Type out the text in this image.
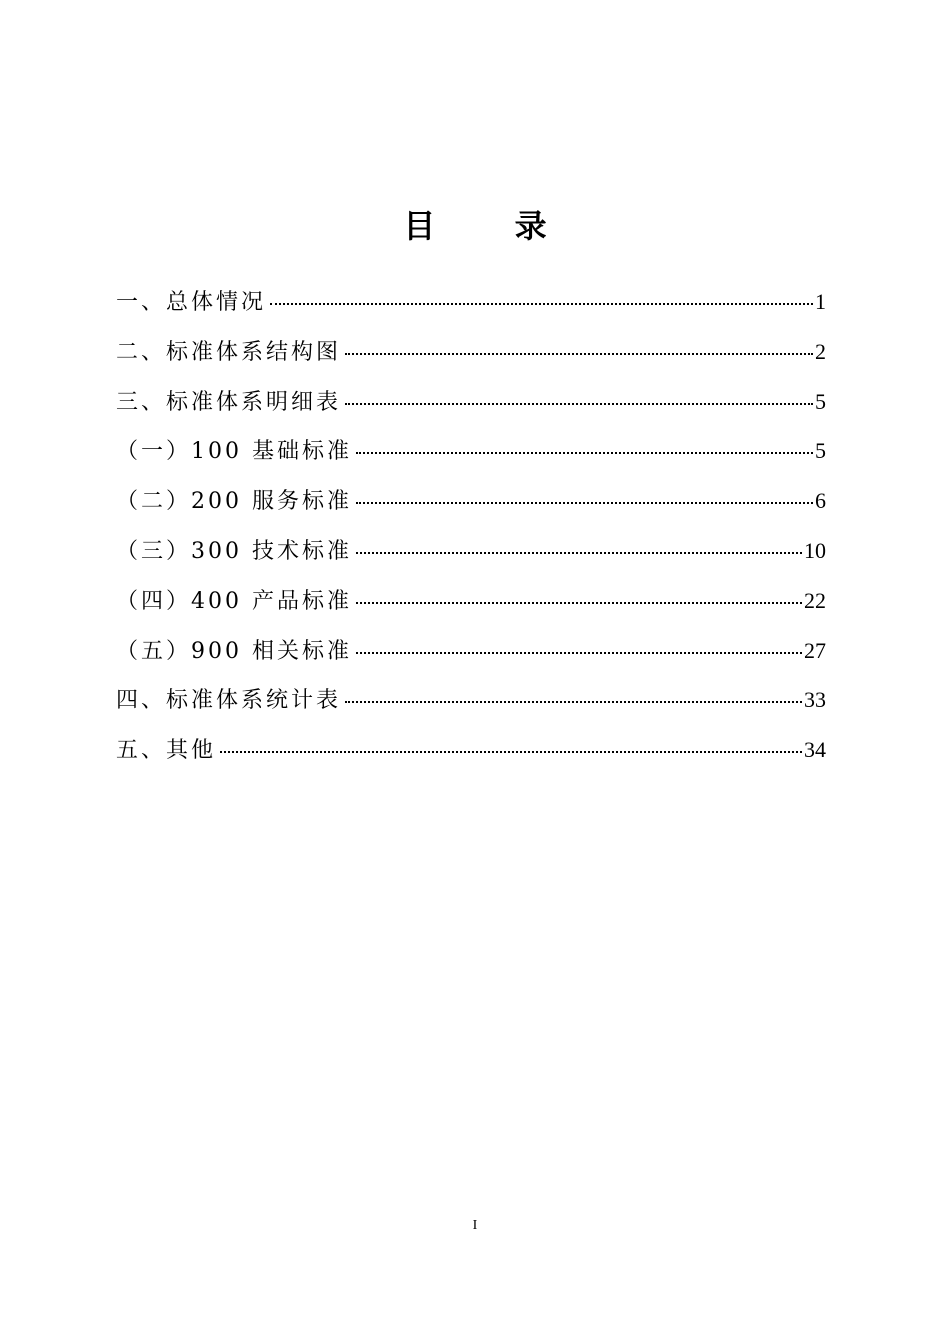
目 录
一、总体情况	1
二、标准体系结构图	2
三、标准体系明细表	5
（一）100 基础标准	5
（二）200 服务标准	6
（三）300 技术标准	10
（四）400 产品标准	22
（五）900 相关标准	27
四、标准体系统计表	33
五、其他	34
I
